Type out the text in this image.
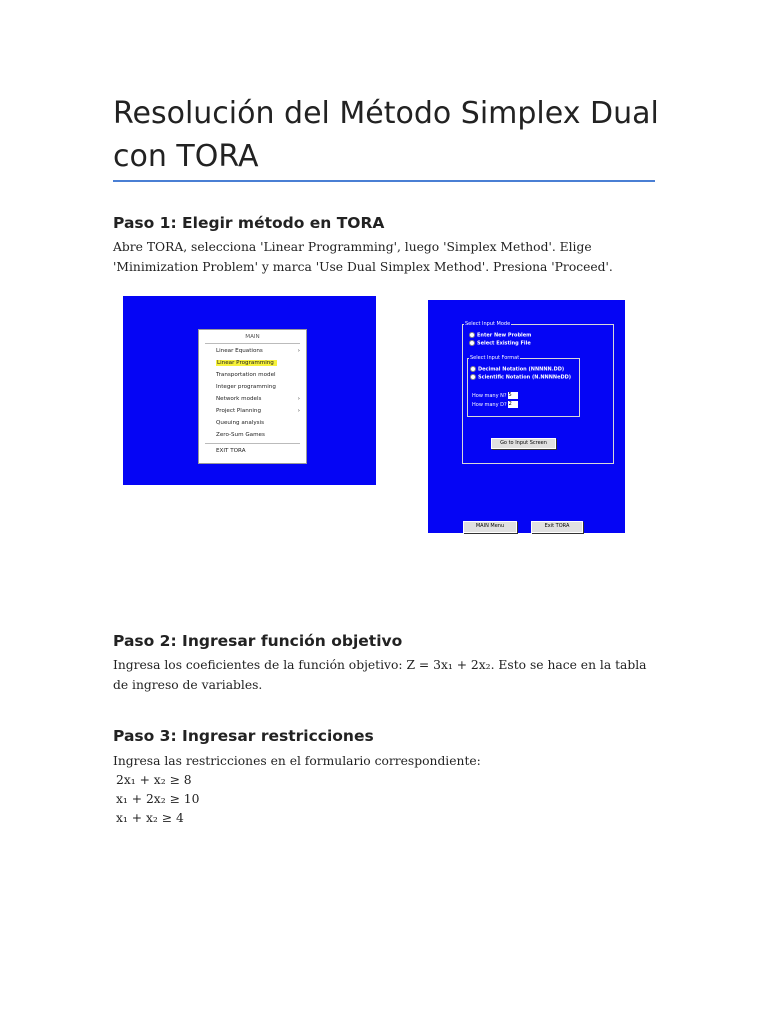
Resolución del Método Simplex Dual con TORA
Paso 1: Elegir método en TORA

Abre TORA, selecciona 'Linear Programming', luego 'Simplex Method'. Elige 'Minimization Problem' y marca 'Use Dual Simplex Method'. Presiona 'Proceed'.

MAIN
Linear Equations	›
Linear Programming
Transportation model
Integer programming
Network models	›
Project Planning	›
Queuing analysis
Zero-Sum Games
EXIT TORA
Select Input Mode
Enter New Problem
Select Existing File
Select Input Format
Decimal Notation (NNNNN.DD)
Scientific Notation (N.NNNNeDD)
How many N? 5
How many D? 2
Go to Input Screen
MAIN Menu	Exit TORA
Paso 2: Ingresar función objetivo

Ingresa los coeficientes de la función objetivo: Z = 3x₁ + 2x₂. Esto se hace en la tabla de ingreso de variables.

Paso 3: Ingresar restricciones

Ingresa las restricciones en el formulario correspondiente:

2x₁ + x₂ ≥ 8

x₁ + 2x₂ ≥ 10

x₁ + x₂ ≥ 4
